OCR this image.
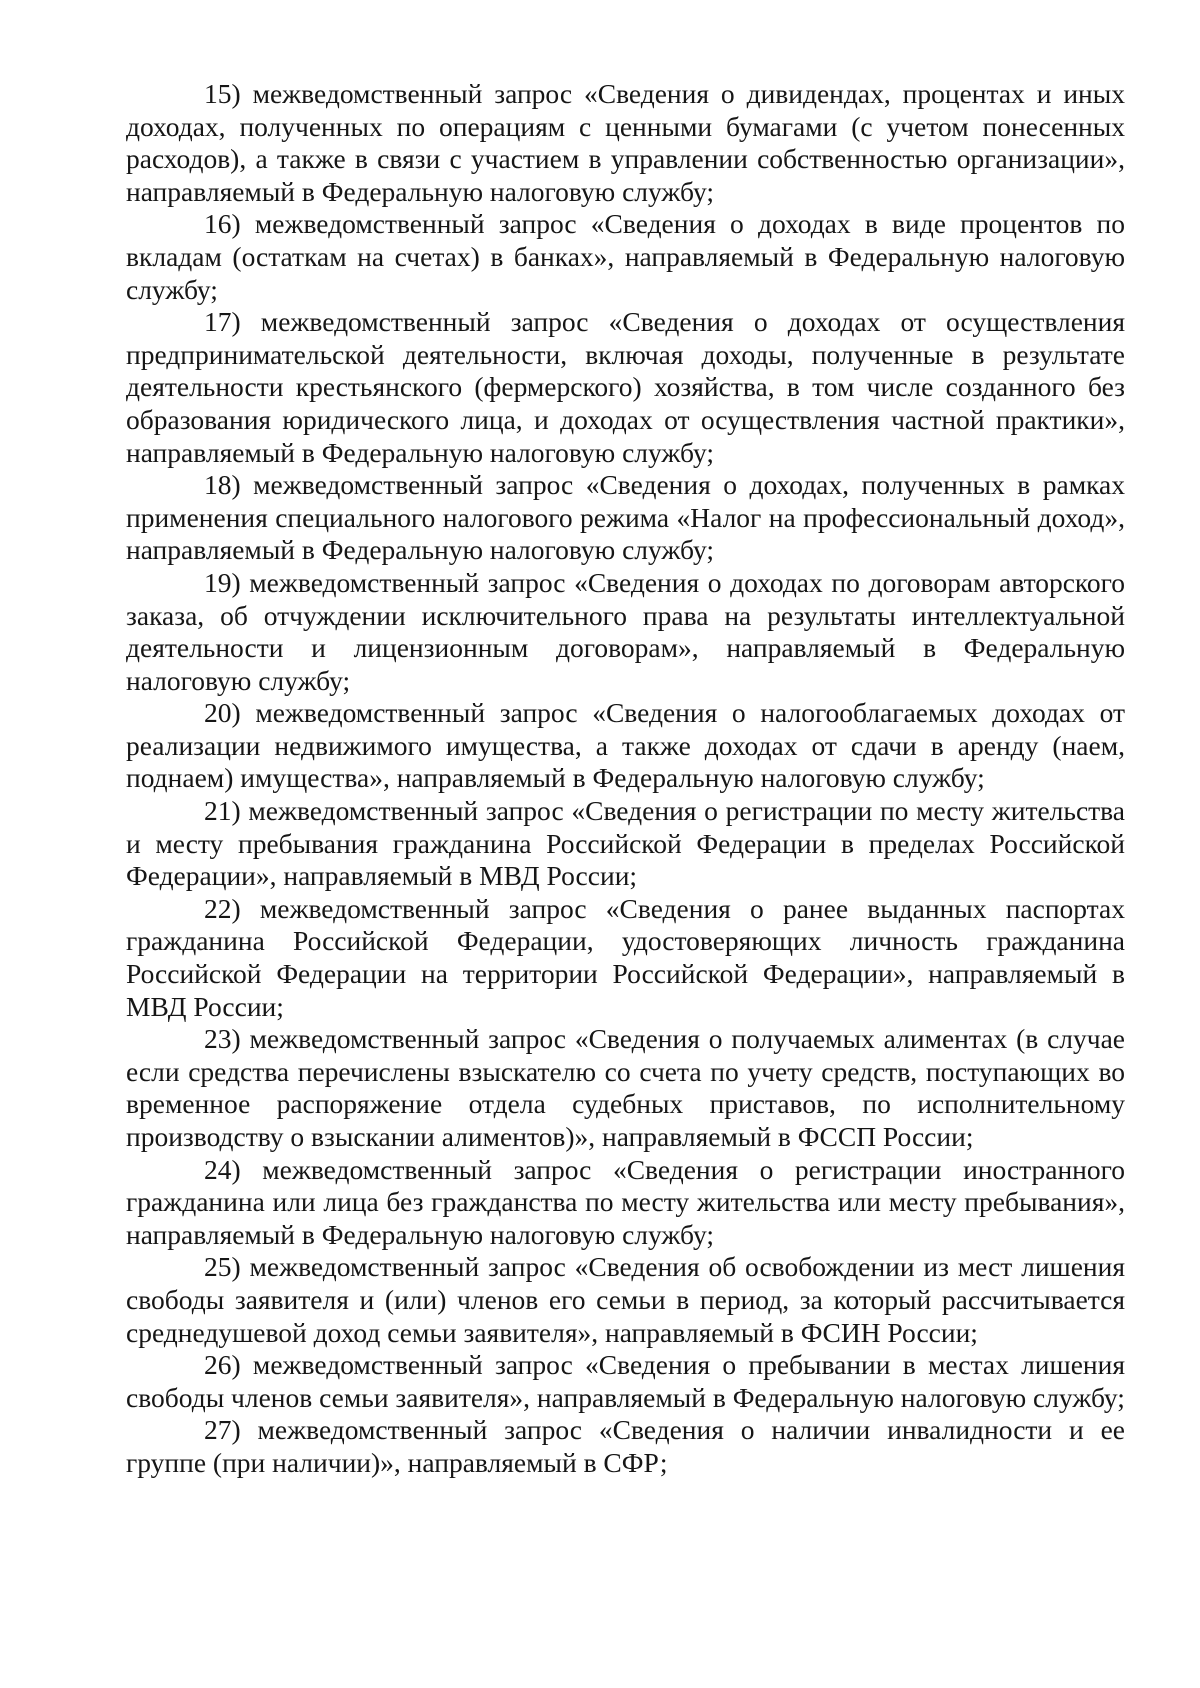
15) межведомственный запрос «Сведения о дивидендах, процентах и иных доходах, полученных по операциям с ценными бумагами (с учетом понесенных расходов), а также в связи с участием в управлении собственностью организации», направляемый в Федеральную налоговую службу;

16) межведомственный запрос «Сведения о доходах в виде процентов по вкладам (остаткам на счетах) в банках», направляемый в Федеральную налоговую службу;

17) межведомственный запрос «Сведения о доходах от осуществления предпринимательской деятельности, включая доходы, полученные в результате деятельности крестьянского (фермерского) хозяйства, в том числе созданного без образования юридического лица, и доходах от осуществления частной практики», направляемый в Федеральную налоговую службу;

18) межведомственный запрос «Сведения о доходах, полученных в рамках применения специального налогового режима «Налог на профессиональный доход», направляемый в Федеральную налоговую службу;

19) межведомственный запрос «Сведения о доходах по договорам авторского заказа, об отчуждении исключительного права на результаты интеллектуальной деятельности и лицензионным договорам», направляемый в Федеральную налоговую службу;

20) межведомственный запрос «Сведения о налогооблагаемых доходах от реализации недвижимого имущества, а также доходах от сдачи в аренду (наем, поднаем) имущества», направляемый в Федеральную налоговую службу;

21) межведомственный запрос «Сведения о регистрации по месту жительства и месту пребывания гражданина Российской Федерации в пределах Российской Федерации», направляемый в МВД России;

22) межведомственный запрос «Сведения о ранее выданных паспортах гражданина Российской Федерации, удостоверяющих личность гражданина Российской Федерации на территории Российской Федерации», направляемый в МВД России;

23) межведомственный запрос «Сведения о получаемых алиментах (в случае если средства перечислены взыскателю со счета по учету средств, поступающих во временное распоряжение отдела судебных приставов, по исполнительному производству о взыскании алиментов)», направляемый в ФССП России;

24) межведомственный запрос «Сведения о регистрации иностранного гражданина или лица без гражданства по месту жительства или месту пребывания», направляемый в Федеральную налоговую службу;

25) межведомственный запрос «Сведения об освобождении из мест лишения свободы заявителя и (или) членов его семьи в период, за который рассчитывается среднедушевой доход семьи заявителя», направляемый в ФСИН России;

26) межведомственный запрос «Сведения о пребывании в местах лишения свободы членов семьи заявителя», направляемый в Федеральную налоговую службу;

27) межведомственный запрос «Сведения о наличии инвалидности и ее группе (при наличии)», направляемый в СФР;
